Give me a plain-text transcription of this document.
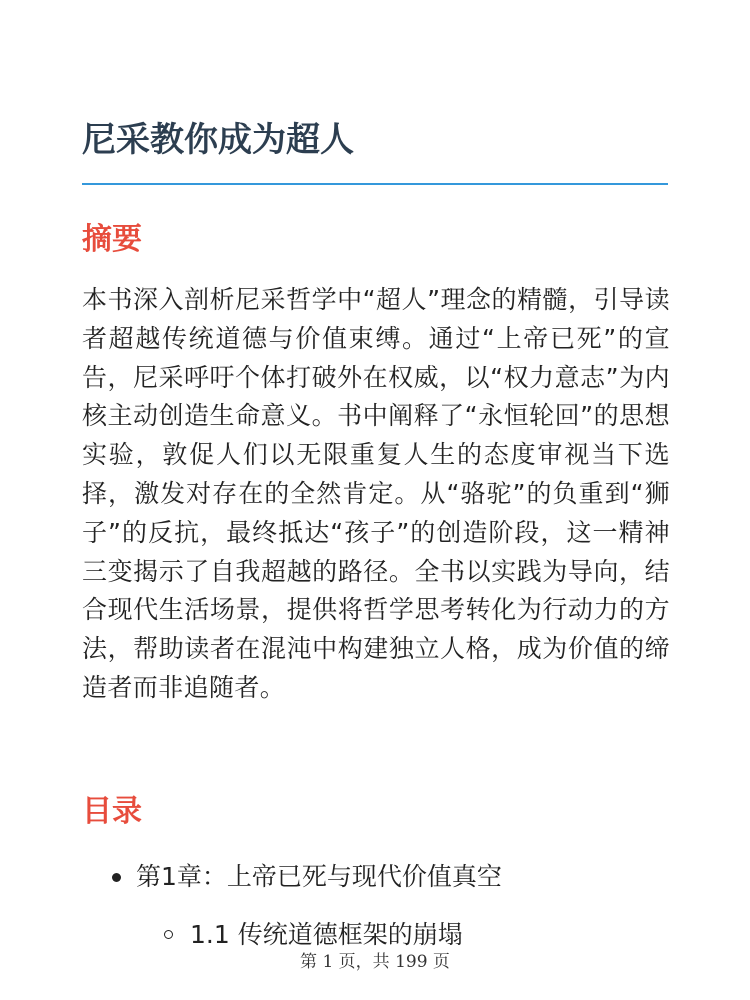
尼采教你成为超人
摘要

本书深入剖析尼采哲学中“超人”理念的精髓，引导读者超越传统道德与价值束缚。通过“上帝已死”的宣告，尼采呼吁个体打破外在权威，以“权力意志”为内核主动创造生命意义。书中阐释了“永恒轮回”的思想实验，敦促人们以无限重复人生的态度审视当下选择，激发对存在的全然肯定。从“骆驼”的负重到“狮子”的反抗，最终抵达“孩子”的创造阶段，这一精神三变揭示了自我超越的路径。全书以实践为导向，结合现代生活场景，提供将哲学思考转化为行动力的方法，帮助读者在混沌中构建独立人格，成为价值的缔造者而非追随者。

目录
第1章：上帝已死与现代价值真空
1.1 传统道德框架的崩塌
第 1 页，共 199 页
